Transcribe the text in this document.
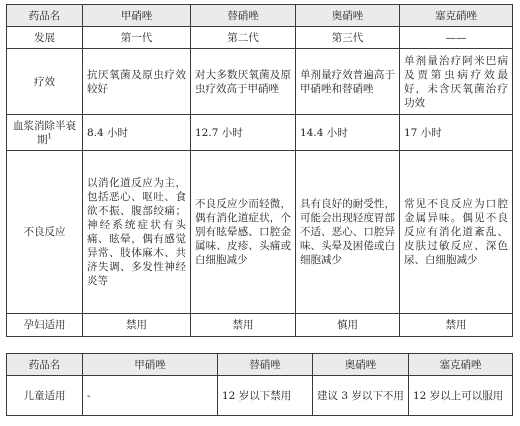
药品名	甲硝唑	替硝唑	奥硝唑	塞克硝唑
发展	第一代	第二代	第三代	——
疗效	抗厌氧菌及原虫疗效较好	对大多数厌氧菌及原虫疗效高于甲硝唑	单剂量疗效普遍高于甲硝唑和替硝唑	单剂量治疗阿米巴病及贾第虫病疗效最好，未含厌氧菌治疗功效
血浆消除半衰期$^1$	8.4 小时	12.7 小时	14.4 小时	17 小时
不良反应	以消化道反应为主，包括恶心、呕吐、食欲不振、腹部绞痛；神经系统症状有头痛、眩晕，偶有感觉异常、肢体麻木、共济失调、多发性神经炎等	不良反应少而轻微，偶有消化道症状，个别有眩晕感、口腔金属味、皮疹、头痛或白细胞减少	具有良好的耐受性，可能会出现轻度胃部不适、恶心、口腔异味、头晕及困倦或白细胞减少	常见不良反应为口腔金属异味。偶见不良反应有消化道紊乱、皮肤过敏反应、深色尿、白细胞减少
孕妇适用	禁用	禁用	慎用	禁用
药品名	甲硝唑	替硝唑	奥硝唑	塞克硝唑
儿童适用	-	12 岁以下禁用	建议 3 岁以下不用	12 岁以上可以服用
